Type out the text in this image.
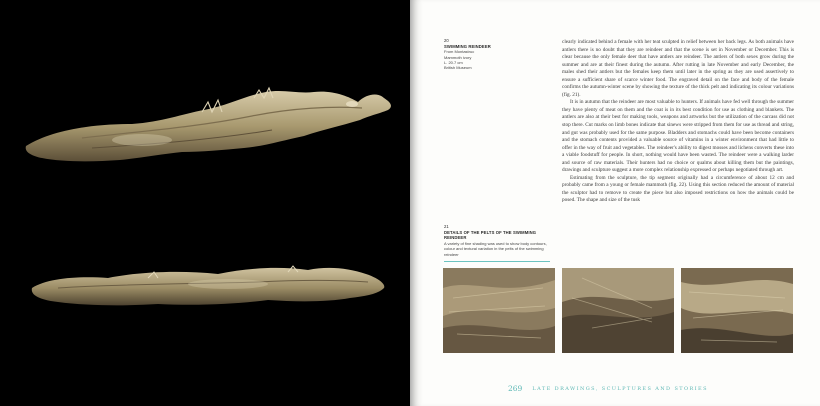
20
SWIMMING REINDEER
From Montastruc
Mammoth ivory
L. 20.7 cm
British Museum
21
DETAILS OF THE PELTS OF THE SWIMMING REINDEER
A variety of fine shading was used to show body contours, colour and textural variation in the pelts of the swimming reindeer

clearly indicated behind a female with her teat sculpted in relief between her back legs. As both animals have antlers there is no doubt that they are reindeer and that the scene is set in November or December. This is clear because the only female deer that have antlers are reindeer. The antlers of both sexes grow during the summer and are at their finest during the autumn. After rutting in late November and early December, the males shed their antlers but the females keep them until later in the spring as they are used assertively to ensure a sufficient share of scarce winter food. The engraved detail on the face and body of the female confirms the autumn-winter scene by showing the texture of the thick pelt and indicating its colour variations (fig. 21).

It is in autumn that the reindeer are most valuable to hunters. If animals have fed well through the summer they have plenty of meat on them and the coat is in its best condition for use as clothing and blankets. The antlers are also at their best for making tools, weapons and artworks but the utilization of the carcass did not stop there. Cut marks on limb bones indicate that sinews were stripped from them for use as thread and string, and gut was probably used for the same purpose. Bladders and stomachs could have been become containers and the stomach contents provided a valuable source of vitamins in a winter environment that had little to offer in the way of fruit and vegetables. The reindeer's ability to digest mosses and lichens converts these into a viable foodstuff for people. In short, nothing would have been wasted. The reindeer were a walking larder and source of raw materials. Their hunters had no choice or qualms about killing them but the paintings, drawings and sculpture suggest a more complex relationship expressed or perhaps negotiated through art.

Estimating from the sculpture, the tip segment originally had a circumference of about 12 cm and probably came from a young or female mammoth (fig. 22). Using this section reduced the amount of material the sculptor had to remove to create the piece but also imposed restrictions on how the animals could be posed. The shape and size of the tusk

269 LATE DRAWINGS, SCULPTURES AND STORIES
